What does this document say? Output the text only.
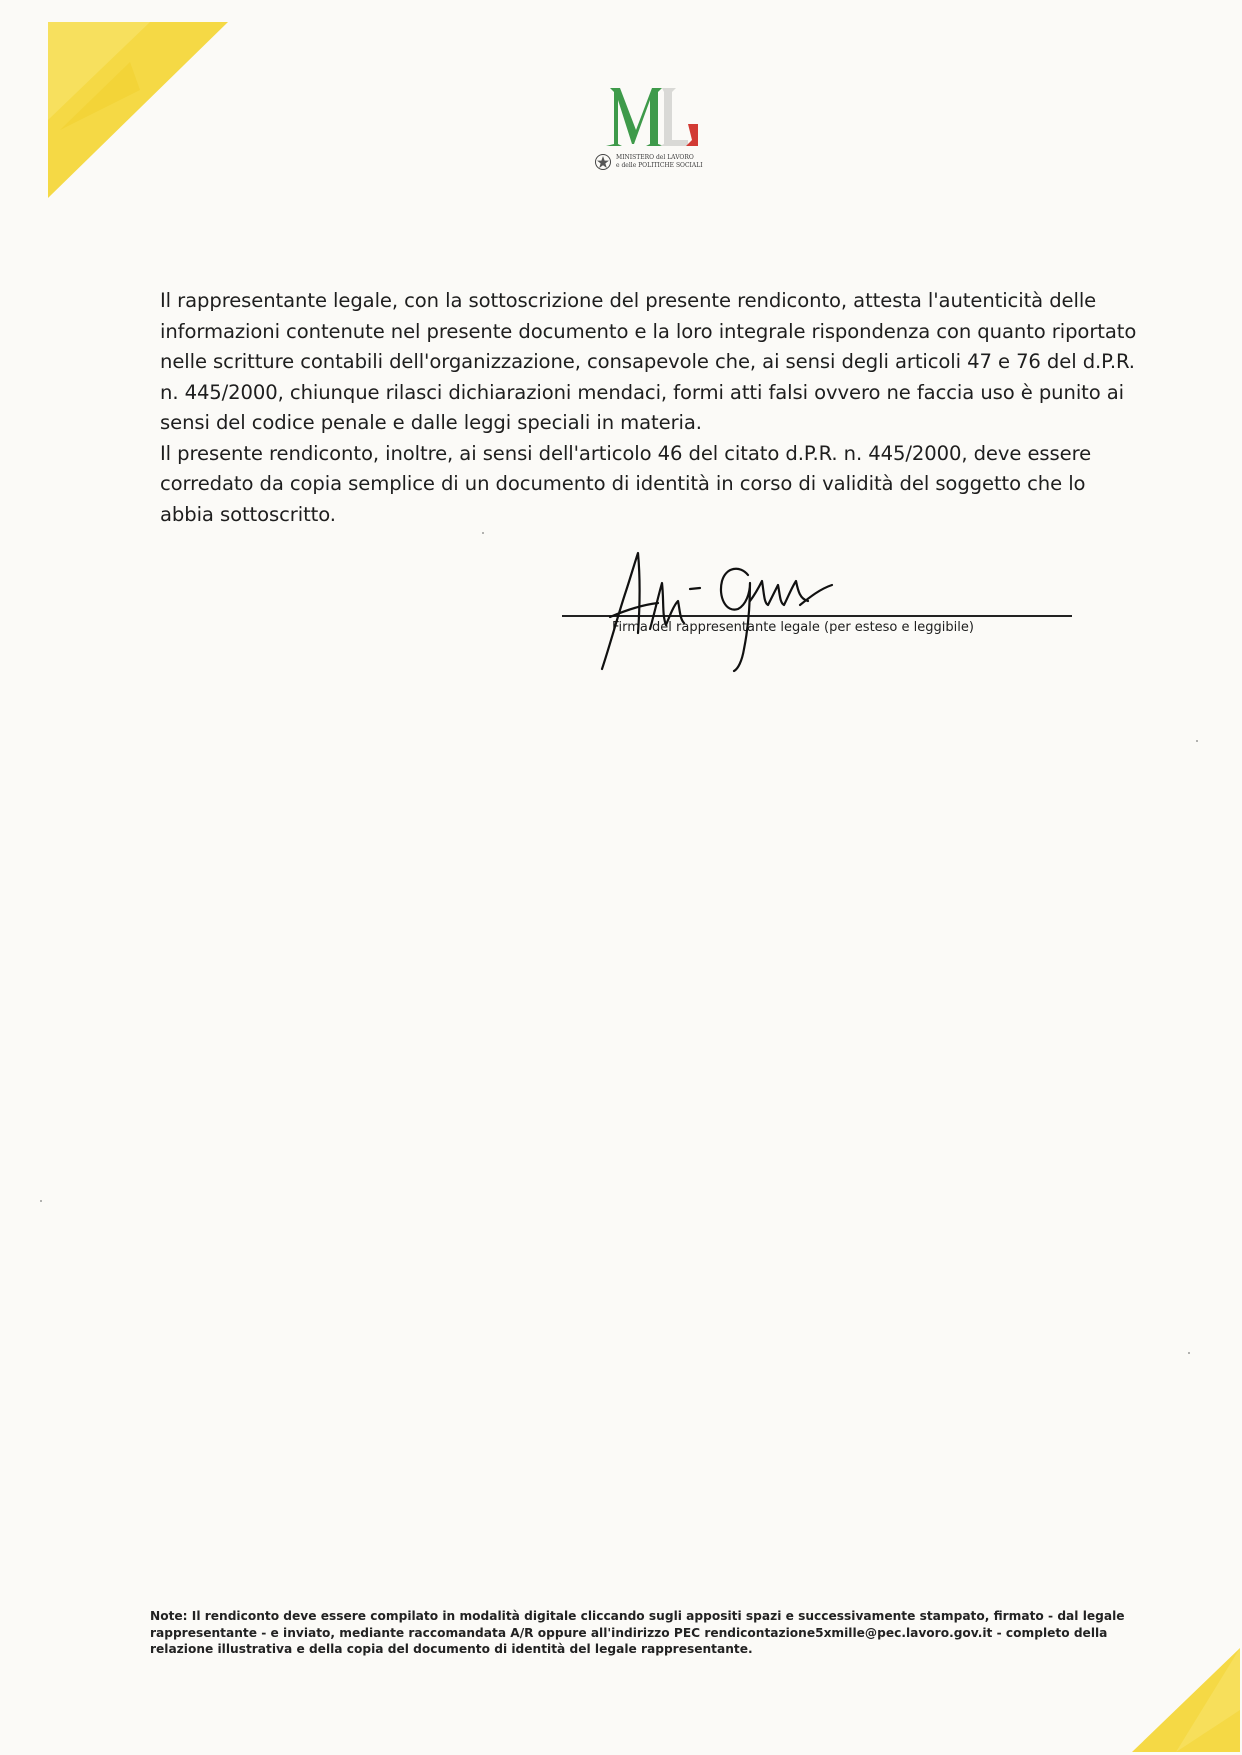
MINISTERO del LAVORO
e delle POLITICHE SOCIALI

Il rappresentante legale, con la sottoscrizione del presente rendiconto, attesta l'autenticità delle informazioni contenute nel presente documento e la loro integrale rispondenza con quanto riportato nelle scritture contabili dell'organizzazione, consapevole che, ai sensi degli articoli 47 e 76 del d.P.R. n. 445/2000, chiunque rilasci dichiarazioni mendaci, formi atti falsi ovvero ne faccia uso è punito ai sensi del codice penale e dalle leggi speciali in materia.

Il presente rendiconto, inoltre, ai sensi dell'articolo 46 del citato d.P.R. n. 445/2000, deve essere corredato da copia semplice di un documento di identità in corso di validità del soggetto che lo abbia sottoscritto.

Firma del rappresentante legale (per esteso e leggibile)

Note: Il rendiconto deve essere compilato in modalità digitale cliccando sugli appositi spazi e successivamente stampato, firmato - dal legale rappresentante - e inviato, mediante raccomandata A/R oppure all'indirizzo PEC rendicontazione5xmille@pec.lavoro.gov.it - completo della relazione illustrativa e della copia del documento di identità del legale rappresentante.
